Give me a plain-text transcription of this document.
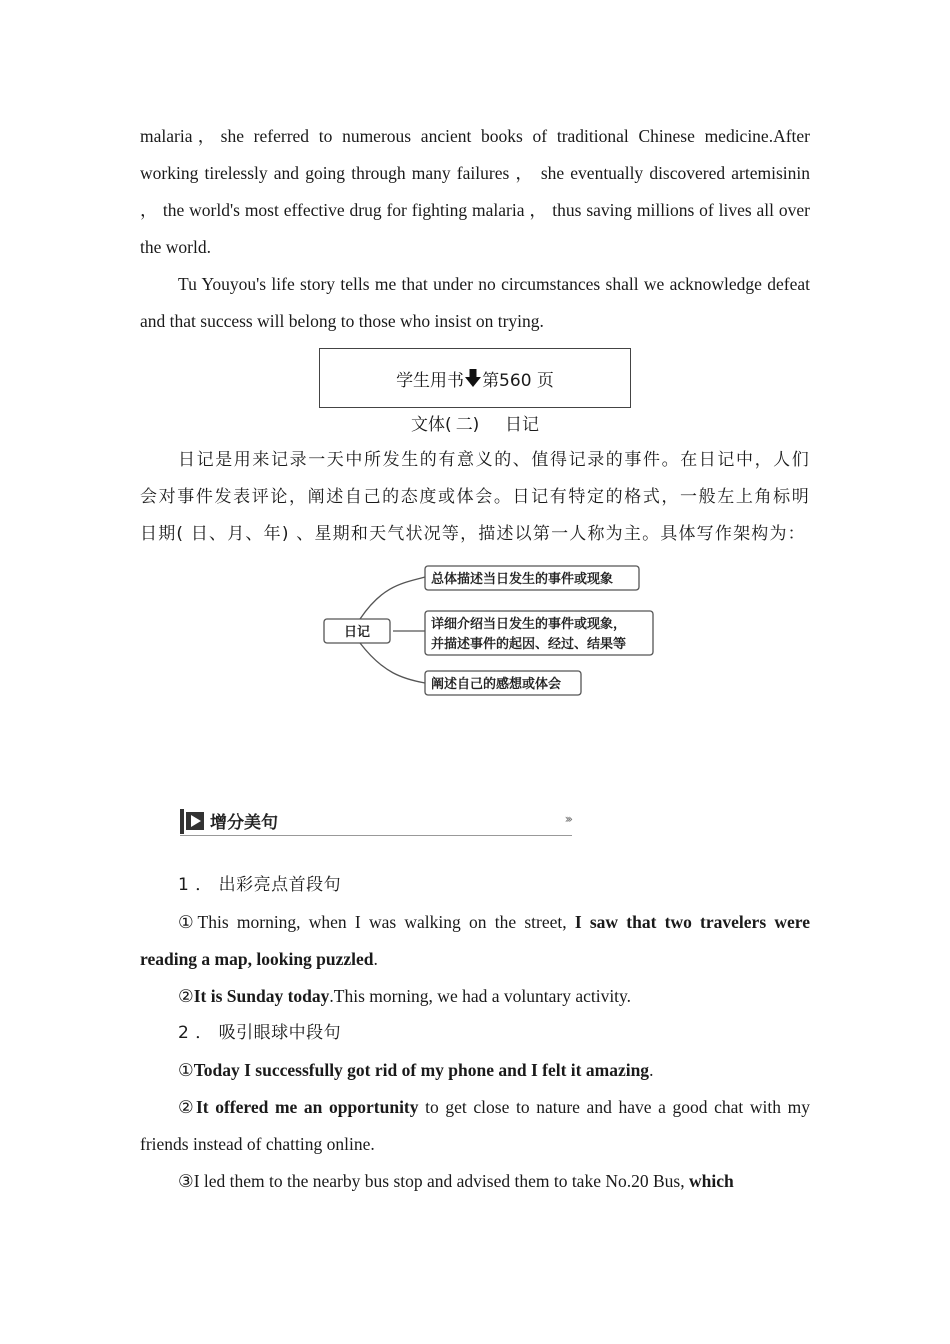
malaria，she referred to numerous ancient books of traditional Chinese medicine.After working tirelessly and going through many failures ， she eventually discovered artemisinin ， the world's most effective drug for fighting malaria ， thus saving millions of lives all over the world.

Tu Youyou's life story tells me that under no circumstances shall we acknowledge defeat and that success will belong to those who insist on trying.

学生用书 第560 页
文体( 二) 日记

日记是用来记录一天中所发生的有意义的、值得记录的事件。在日记中，人们会对事件发表评论，阐述自己的态度或体会。日记有特定的格式，一般左上角标明日期( 日、月、年) 、星期和天气状况等，描述以第一人称为主。具体写作架构为：

日记
总体描述当日发生的事件或现象
详细介绍当日发生的事件或现象，
并描述事件的起因、经过、结果等
阐述自己的感想或体会
增分美句	›››

1 ． 出彩亮点首段句

①This morning, when I was walking on the street, I saw that two travelers were reading a map, looking puzzled.

②It is Sunday today.This morning, we had a voluntary activity.

2 ． 吸引眼球中段句

①Today I successfully got rid of my phone and I felt it amazing.

②It offered me an opportunity to get close to nature and have a good chat with my friends instead of chatting online.

③I led them to the nearby bus stop and advised them to take No.20 Bus, which
